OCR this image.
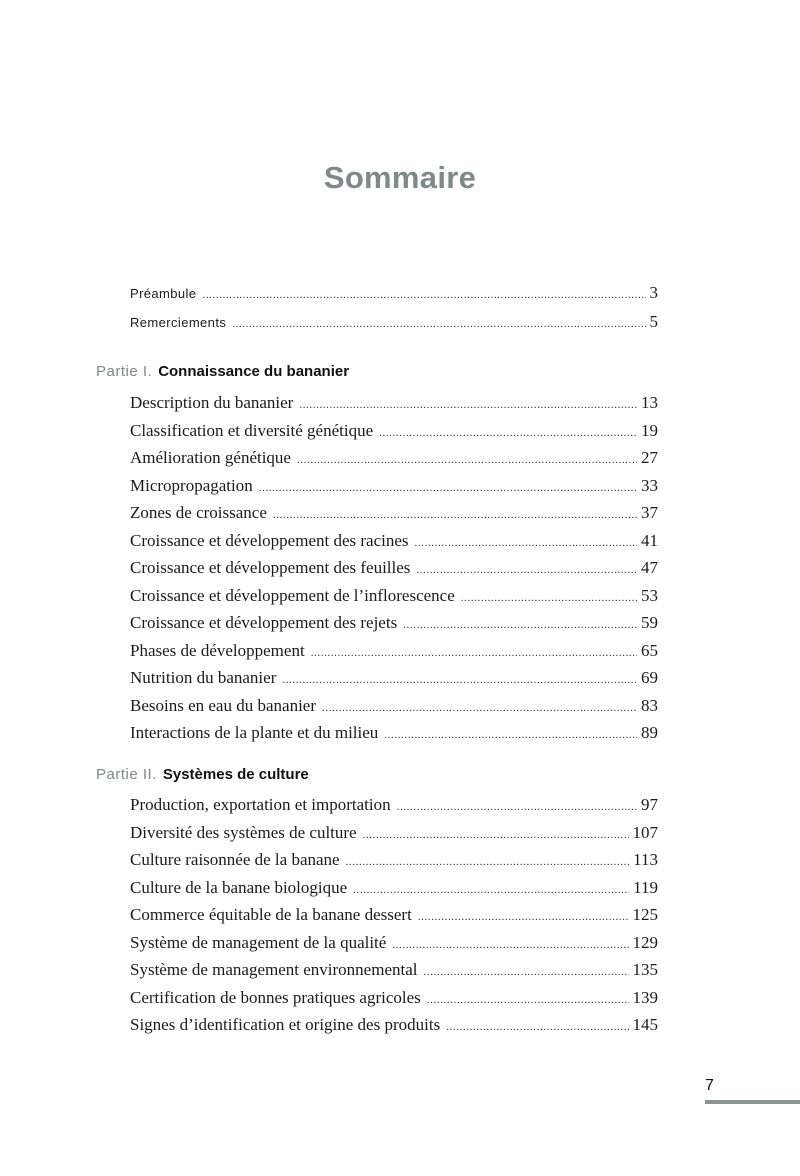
Sommaire
Préambule .....	3
Remerciements .....	5
Partie I. Connaissance du bananier
Description du bananier .....	13
Classification et diversité génétique .....	19
Amélioration génétique .....	27
Micropropagation .....	33
Zones de croissance .....	37
Croissance et développement des racines .....	41
Croissance et développement des feuilles .....	47
Croissance et développement de l’inflorescence .....	53
Croissance et développement des rejets .....	59
Phases de développement .....	65
Nutrition du bananier .....	69
Besoins en eau du bananier .....	83
Interactions de la plante et du milieu .....	89
Partie II. Systèmes de culture
Production, exportation et importation .....	97
Diversité des systèmes de culture .....	107
Culture raisonnée de la banane .....	113
Culture de la banane biologique .....	119
Commerce équitable de la banane dessert .....	125
Système de management de la qualité .....	129
Système de management environnemental .....	135
Certification de bonnes pratiques agricoles .....	139
Signes d’identification et origine des produits .....	145
7
